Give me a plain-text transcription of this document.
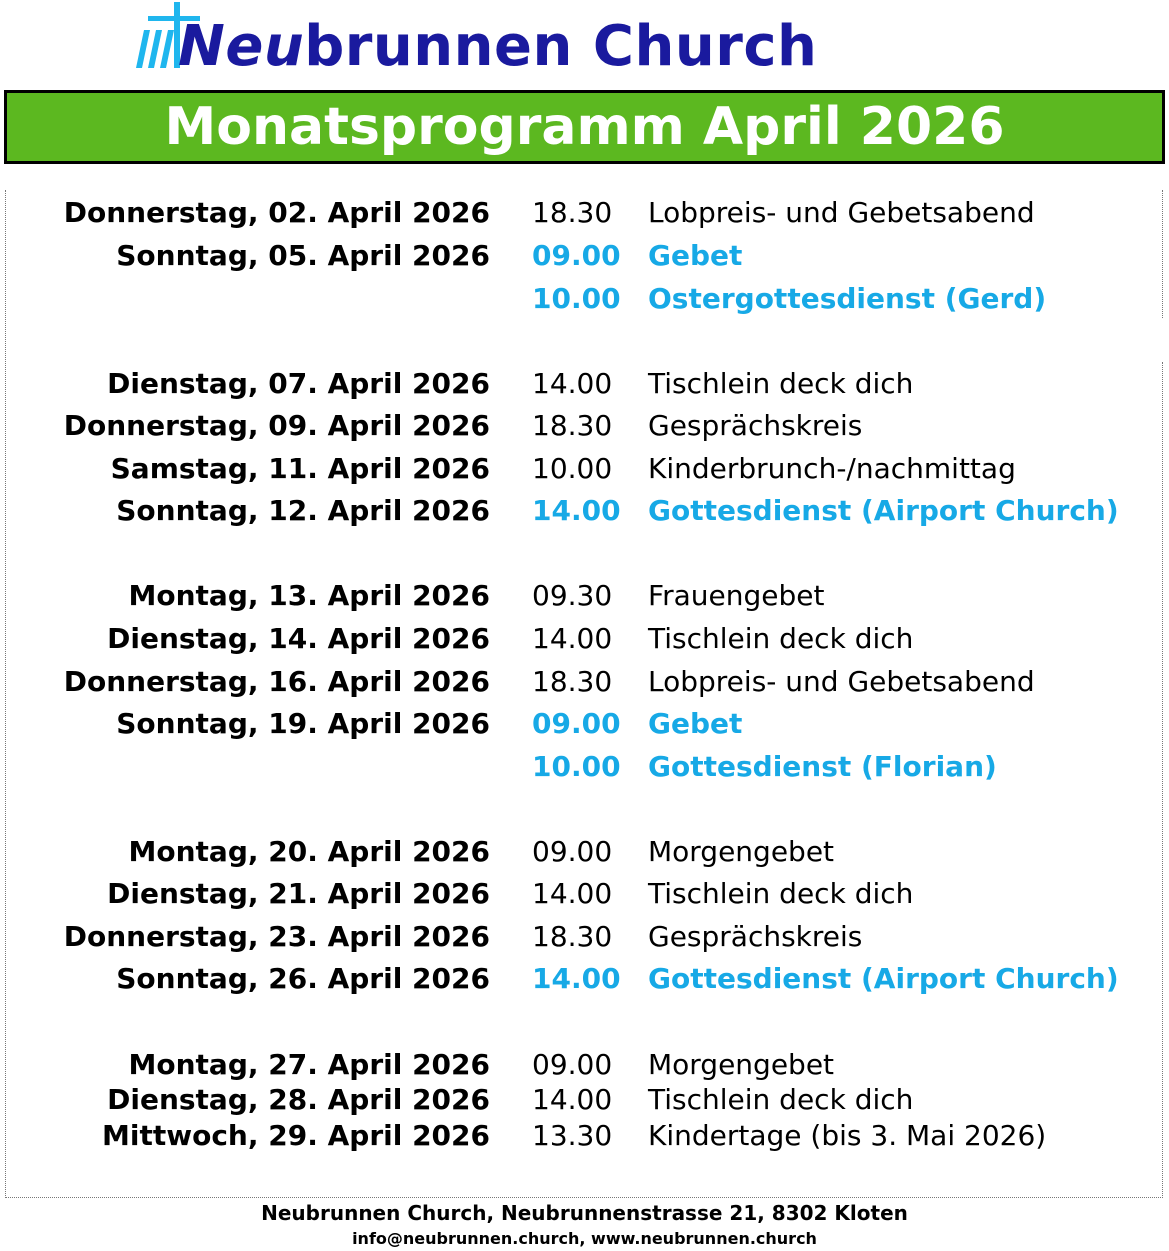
Neubrunnen Church
Monatsprogramm April 2026
Donnerstag, 02. April 2026 18.30 Lobpreis- und Gebetsabend
Sonntag, 05. April 2026 09.00 Gebet
10.00 Ostergottesdienst (Gerd)
Dienstag, 07. April 2026 14.00 Tischlein deck dich
Donnerstag, 09. April 2026 18.30 Gesprächskreis
Samstag, 11. April 2026 10.00 Kinderbrunch-/nachmittag
Sonntag, 12. April 2026 14.00 Gottesdienst (Airport Church)
Montag, 13. April 2026 09.30 Frauengebet
Dienstag, 14. April 2026 14.00 Tischlein deck dich
Donnerstag, 16. April 2026 18.30 Lobpreis- und Gebetsabend
Sonntag, 19. April 2026 09.00 Gebet
10.00 Gottesdienst (Florian)
Montag, 20. April 2026 09.00 Morgengebet
Dienstag, 21. April 2026 14.00 Tischlein deck dich
Donnerstag, 23. April 2026 18.30 Gesprächskreis
Sonntag, 26. April 2026 14.00 Gottesdienst (Airport Church)
Montag, 27. April 2026 09.00 Morgengebet
Dienstag, 28. April 2026 14.00 Tischlein deck dich
Mittwoch, 29. April 2026 13.30 Kindertage (bis 3. Mai 2026)
Neubrunnen Church, Neubrunnenstrasse 21, 8302 Kloten
info@neubrunnen.church, www.neubrunnen.church
